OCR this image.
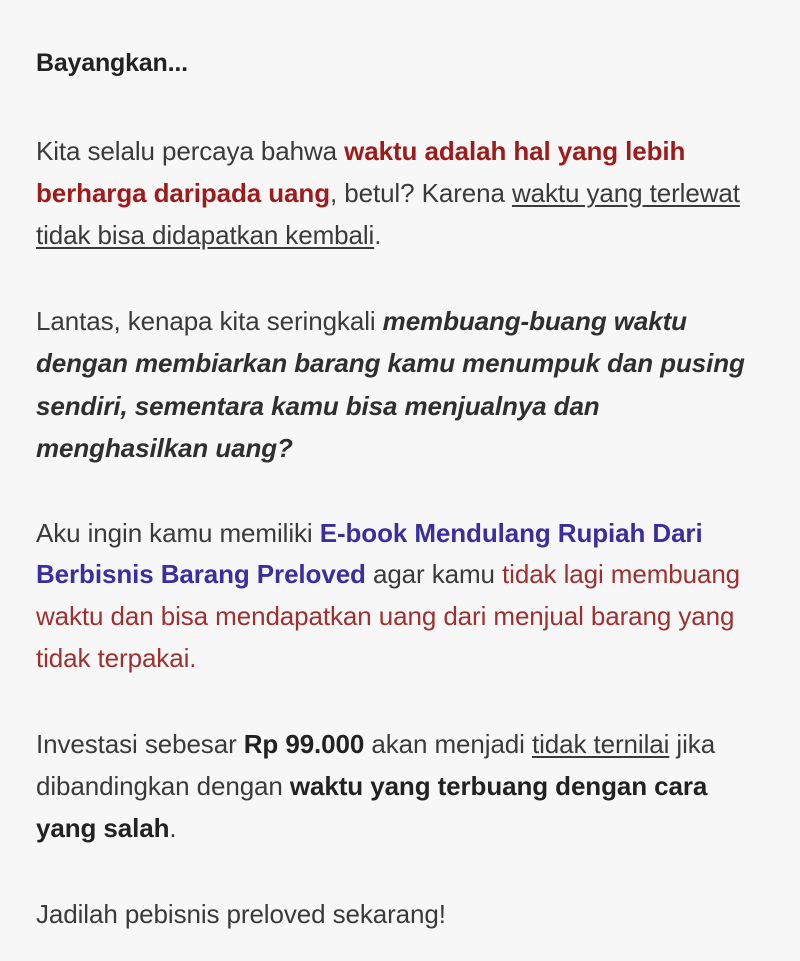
Bayangkan...

Kita selalu percaya bahwa waktu adalah hal yang lebih berharga daripada uang, betul? Karena waktu yang terlewat tidak bisa didapatkan kembali.

Lantas, kenapa kita seringkali membuang-buang waktu dengan membiarkan barang kamu menumpuk dan pusing sendiri, sementara kamu bisa menjualnya dan menghasilkan uang?

Aku ingin kamu memiliki E-book Mendulang Rupiah Dari Berbisnis Barang Preloved agar kamu tidak lagi membuang waktu dan bisa mendapatkan uang dari menjual barang yang tidak terpakai.

Investasi sebesar Rp 99.000 akan menjadi tidak ternilai jika dibandingkan dengan waktu yang terbuang dengan cara yang salah.

Jadilah pebisnis preloved sekarang!
